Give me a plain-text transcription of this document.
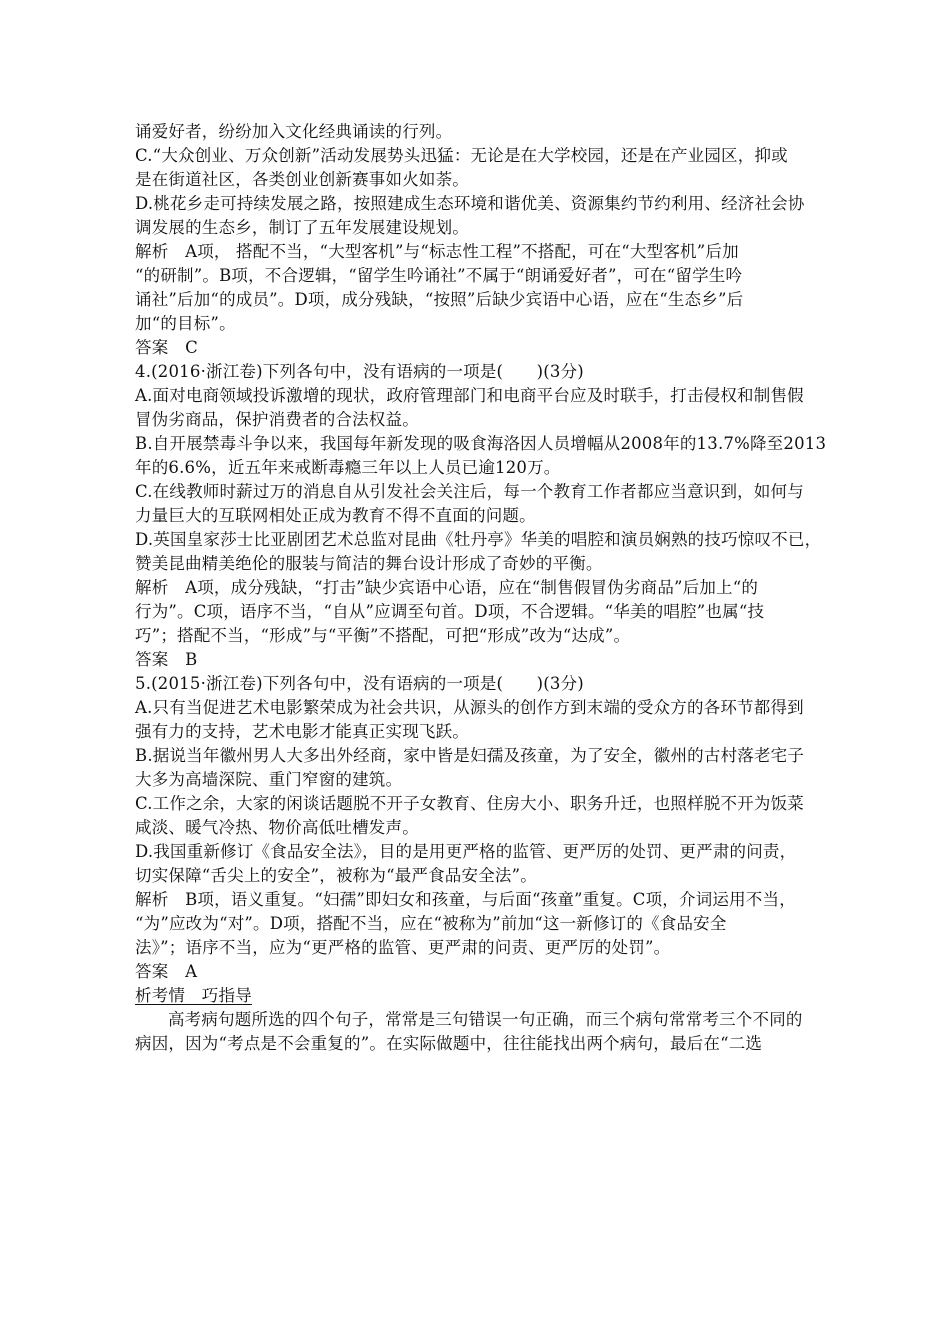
诵爱好者，纷纷加入文化经典诵读的行列。
C.“大众创业、万众创新”活动发展势头迅猛：无论是在大学校园，还是在产业园区，抑或
是在街道社区，各类创业创新赛事如火如荼。
D.桃花乡走可持续发展之路，按照建成生态环境和谐优美、资源集约节约利用、经济社会协
调发展的生态乡，制订了五年发展建设规划。
解析　A项， 搭配不当，“大型客机”与“标志性工程”不搭配，可在“大型客机”后加
“的研制”。B项，不合逻辑，“留学生吟诵社”不属于“朗诵爱好者”，可在“留学生吟
诵社”后加“的成员”。D项，成分残缺，“按照”后缺少宾语中心语，应在“生态乡”后
加“的目标”。
答案　C
4.(2016·浙江卷)下列各句中，没有语病的一项是(　　)(3分)
A.面对电商领域投诉激增的现状，政府管理部门和电商平台应及时联手，打击侵权和制售假
冒伪劣商品，保护消费者的合法权益。
B.自开展禁毒斗争以来，我国每年新发现的吸食海洛因人员增幅从2008年的13.7%降至2013
年的6.6%，近五年来戒断毒瘾三年以上人员已逾120万。
C.在线教师时薪过万的消息自从引发社会关注后，每一个教育工作者都应当意识到，如何与
力量巨大的互联网相处正成为教育不得不直面的问题。
D.英国皇家莎士比亚剧团艺术总监对昆曲《牡丹亭》华美的唱腔和演员娴熟的技巧惊叹不已，
赞美昆曲精美绝伦的服装与简洁的舞台设计形成了奇妙的平衡。
解析　A项，成分残缺，“打击”缺少宾语中心语，应在“制售假冒伪劣商品”后加上“的
行为”。C项，语序不当，“自从”应调至句首。D项，不合逻辑。“华美的唱腔”也属“技
巧”；搭配不当，“形成”与“平衡”不搭配，可把“形成”改为“达成”。
答案　B
5.(2015·浙江卷)下列各句中，没有语病的一项是(　　)(3分)
A.只有当促进艺术电影繁荣成为社会共识，从源头的创作方到末端的受众方的各环节都得到
强有力的支持，艺术电影才能真正实现飞跃。
B.据说当年徽州男人大多出外经商，家中皆是妇孺及孩童，为了安全，徽州的古村落老宅子
大多为高墙深院、重门窄窗的建筑。
C.工作之余，大家的闲谈话题脱不开子女教育、住房大小、职务升迁，也照样脱不开为饭菜
咸淡、暖气冷热、物价高低吐槽发声。
D.我国重新修订《食品安全法》，目的是用更严格的监管、更严厉的处罚、更严肃的问责，
切实保障“舌尖上的安全”，被称为“最严食品安全法”。
解析　B项，语义重复。“妇孺”即妇女和孩童，与后面“孩童”重复。C项，介词运用不当，
“为”应改为“对”。D项，搭配不当，应在“被称为”前加“这一新修订的《食品安全
法》”；语序不当，应为“更严格的监管、更严肃的问责、更严厉的处罚”。
答案　A
析考情　巧指导
高考病句题所选的四个句子，常常是三句错误一句正确，而三个病句常常考三个不同的
病因，因为“考点是不会重复的”。在实际做题中，往往能找出两个病句，最后在“二选
